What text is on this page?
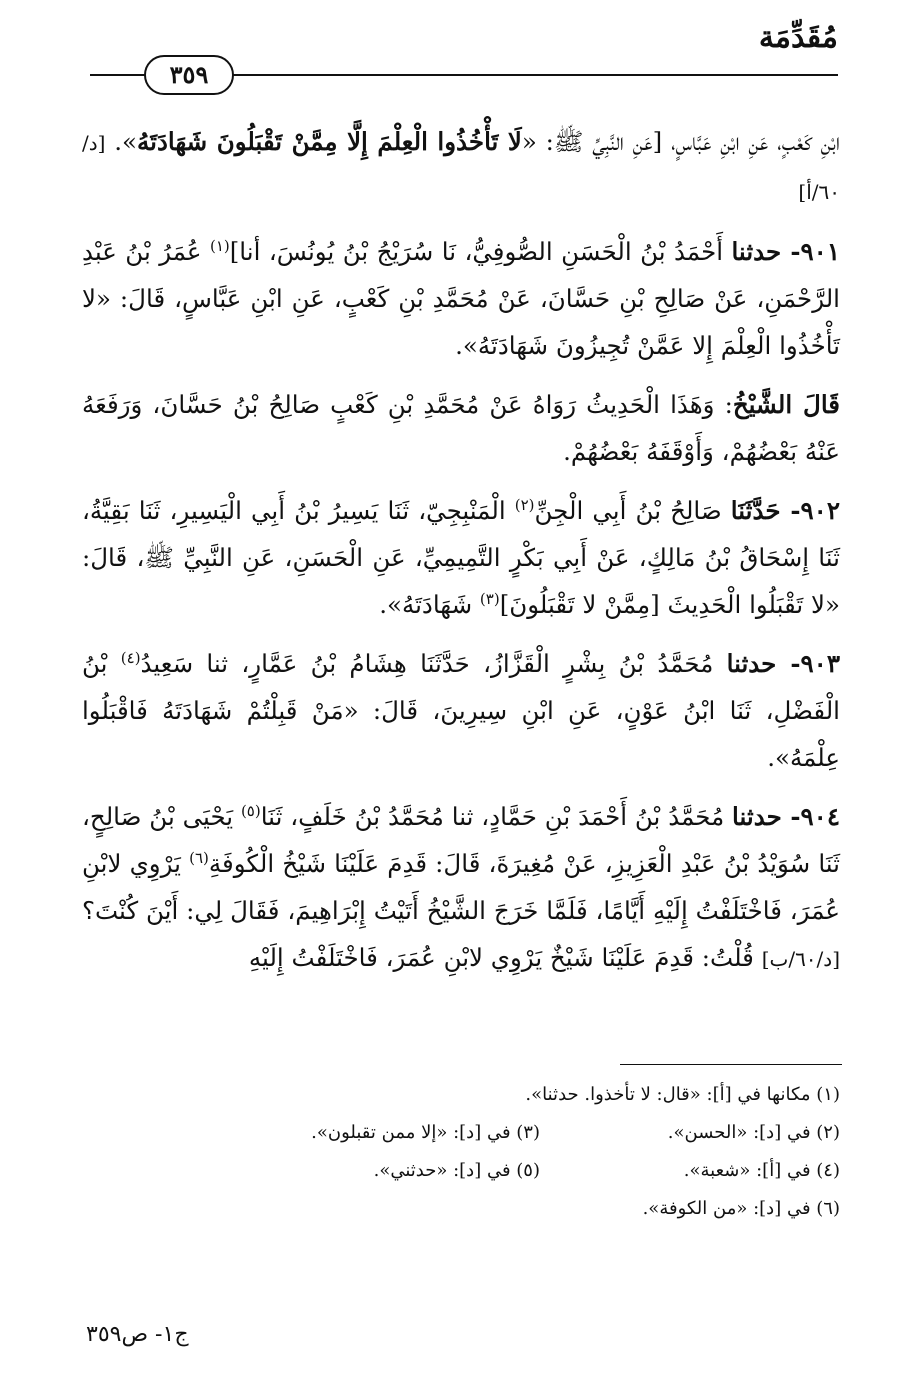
مُقَدِّمَة
٣٥٩

ابْنِ كَعْبٍ، عَنِ ابْنِ عَبَّاسٍ، [عَنِ النَّبِيِّ ﷺ: «لَا تَأْخُذُوا الْعِلْمَ إِلَّا مِمَّنْ تَقْبَلُونَ شَهَادَتَهُ». [د/٦٠/أ]

٩٠١- حدثنا أَحْمَدُ بْنُ الْحَسَنِ الصُّوفِيُّ، نَا سُرَيْجُ بْنُ يُونُسَ، أنا]$^{(١)}$ عُمَرُ بْنُ عَبْدِ الرَّحْمَنِ، عَنْ صَالِحِ بْنِ حَسَّانَ، عَنْ مُحَمَّدِ بْنِ كَعْبٍ، عَنِ ابْنِ عَبَّاسٍ، قَالَ: «لا تَأْخُذُوا الْعِلْمَ إِلا عَمَّنْ تُجِيزُونَ شَهَادَتَهُ».

قَالَ الشَّيْخُ: وَهَذَا الْحَدِيثُ رَوَاهُ عَنْ مُحَمَّدِ بْنِ كَعْبٍ صَالِحُ بْنُ حَسَّانَ، وَرَفَعَهُ عَنْهُ بَعْضُهُمْ، وَأَوْقَفَهُ بَعْضُهُمْ.

٩٠٢- حَدَّثَنَا صَالِحُ بْنُ أَبِي الْجِنِّ$^{(٢)}$ الْمَنْبِجِيّ، ثَنَا يَسِيرُ بْنُ أَبِي الْيَسِيرِ، ثَنَا بَقِيَّةُ، ثَنَا إِسْحَاقُ بْنُ مَالِكٍ، عَنْ أَبِي بَكْرٍ التَّمِيمِيِّ، عَنِ الْحَسَنِ، عَنِ النَّبِيِّ ﷺ، قَالَ: «لا تَقْبَلُوا الْحَدِيثَ [مِمَّنْ لا تَقْبَلُونَ]$^{(٣)}$ شَهَادَتَهُ».

٩٠٣- حدثنا مُحَمَّدُ بْنُ بِشْرٍ الْقَزَّازُ، حَدَّثَنَا هِشَامُ بْنُ عَمَّارٍ، ثنا سَعِيدُ$^{(٤)}$ بْنُ الْفَضْلِ، ثَنَا ابْنُ عَوْنٍ، عَنِ ابْنِ سِيرِينَ، قَالَ: «مَنْ قَبِلْتُمْ شَهَادَتَهُ فَاقْبَلُوا عِلْمَهُ».

٩٠٤- حدثنا مُحَمَّدُ بْنُ أَحْمَدَ بْنِ حَمَّادٍ، ثنا مُحَمَّدُ بْنُ خَلَفٍ، ثَنَا$^{(٥)}$ يَحْيَى بْنُ صَالِحٍ، ثَنَا سُوَيْدُ بْنُ عَبْدِ الْعَزِيزِ، عَنْ مُغِيرَةَ، قَالَ: قَدِمَ عَلَيْنَا شَيْخُ الْكُوفَةِ$^{(٦)}$ يَرْوِي لابْنِ عُمَرَ، فَاخْتَلَفْتُ إِلَيْهِ أَيَّامًا، فَلَمَّا خَرَجَ الشَّيْخُ أَتَيْتُ إِبْرَاهِيمَ، فَقَالَ لِي: أَيْنَ كُنْتَ؟ [د/٦٠/ب] قُلْتُ: قَدِمَ عَلَيْنَا شَيْخٌ يَرْوِي لابْنِ عُمَرَ، فَاخْتَلَفْتُ إِلَيْهِ

(١) مكانها في [أ]: «قال: لا تأخذوا. حدثنا».
(٢) في [د]: «الحسن».
(٣) في [د]: «إلا ممن تقبلون».
(٤) في [أ]: «شعبة».
(٥) في [د]: «حدثني».
(٦) في [د]: «من الكوفة».
ج١- ص٣٥٩
